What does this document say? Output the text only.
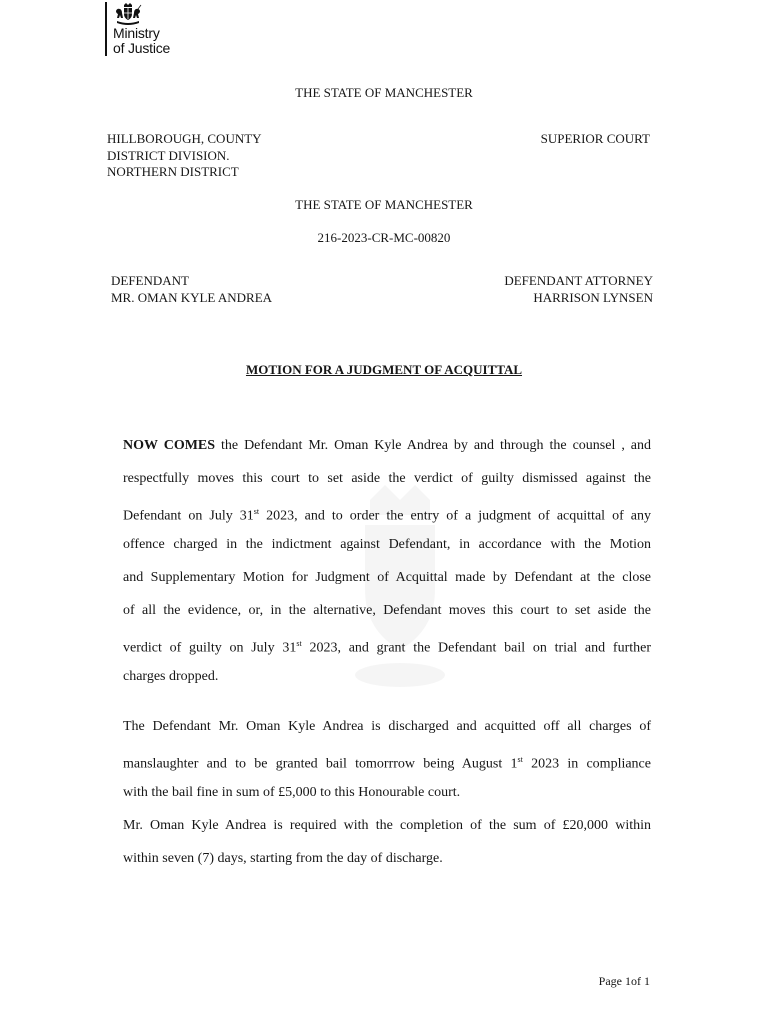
Ministry
of Justice
THE STATE OF MANCHESTER
HILLBOROUGH, COUNTY
DISTRICT DIVISION.
NORTHERN DISTRICT
SUPERIOR COURT
THE STATE OF MANCHESTER
216-2023-CR-MC-00820
DEFENDANT
MR. OMAN KYLE ANDREA
DEFENDANT ATTORNEY
HARRISON LYNSEN
MOTION FOR A JUDGMENT OF ACQUITTAL
NOW COMES the Defendant Mr. Oman Kyle Andrea by and through the counsel , and
respectfully moves this court to set aside the verdict of guilty dismissed against the
Defendant on July 31st 2023, and to order the entry of a judgment of acquittal of any
offence charged in the indictment against Defendant, in accordance with the Motion
and Supplementary Motion for Judgment of Acquittal made by Defendant at the close
of all the evidence, or, in the alternative, Defendant moves this court to set aside the
verdict of guilty on July 31st 2023, and grant the Defendant bail on trial and further
charges dropped.
The Defendant Mr. Oman Kyle Andrea is discharged and acquitted off all charges of
manslaughter and to be granted bail tomorrrow being August 1st 2023 in compliance
with the bail fine in sum of £5,000 to this Honourable court.
Mr. Oman Kyle Andrea is required with the completion of the sum of £20,000 within
within seven (7) days, starting from the day of discharge.
Page 1of 1
